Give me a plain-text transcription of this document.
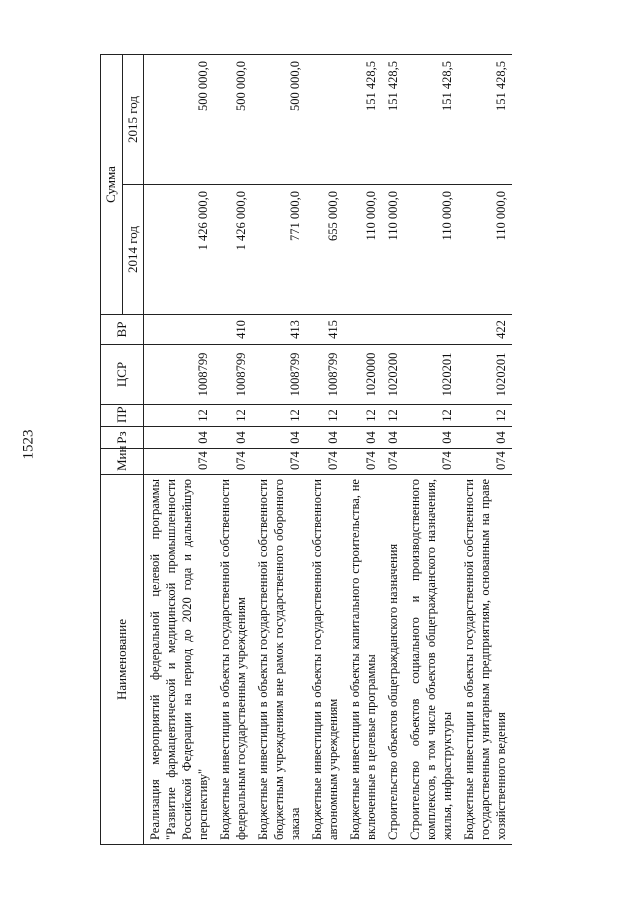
1523
Наименование	Мин	Рз	ПР	ЦСР	ВР	Сумма	
						2014 год	2015 год
Реализация мероприятий федеральной целевой программы "Развитие фармацевтической и медицинской промышленности Российской Федерации на период до 2020 года и дальнейшую перспективу"	074	04	12	1008799		1 426 000,0	500 000,0
Бюджетные инвестиции в объекты государственной собственности федеральным государственным учреждениям	074	04	12	1008799	410	1 426 000,0	500 000,0
Бюджетные инвестиции в объекты государственной собственности бюджетным учреждениям вне рамок государственного оборонного заказа	074	04	12	1008799	413	771 000,0	500 000,0
Бюджетные инвестиции в объекты государственной собственности автономным учреждениям	074	04	12	1008799	415	655 000,0	
Бюджетные инвестиции в объекты капитального строительства, не включенные в целевые программы	074	04	12	1020000		110 000,0	151 428,5
Строительство объектов общегражданского назначения	074	04	12	1020200		110 000,0	151 428,5
Строительство объектов социального и производственного комплексов, в том числе объектов общегражданского назначения, жилья, инфраструктуры	074	04	12	1020201		110 000,0	151 428,5
Бюджетные инвестиции в объекты государственной собственности государственным унитарным предприятиям, основанным на праве хозяйственного ведения	074	04	12	1020201	422	110 000,0	151 428,5
